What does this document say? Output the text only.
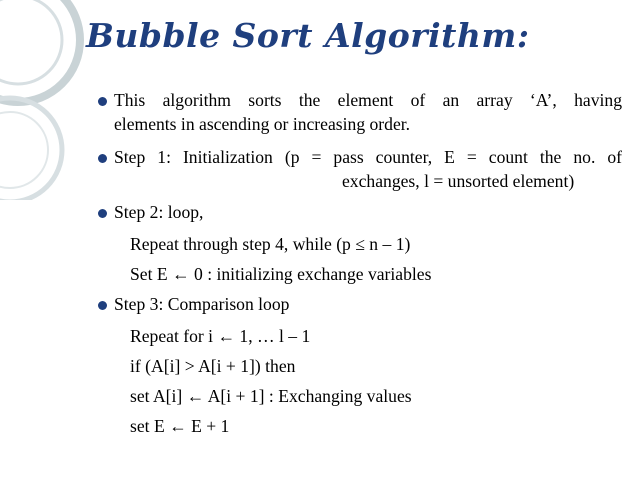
Bubble Sort Algorithm:
This algorithm sorts the element of an array ‘A’, having
elements in ascending or increasing order.
Step 1: Initialization (p = pass counter, E = count the no. of
exchanges, l = unsorted element)
Step 2: loop,
Repeat through step 4, while (p ≤ n – 1)
Set E ← 0 : initializing exchange variables
Step 3: Comparison loop
Repeat for i ← 1, … l – 1
if (A[i] > A[i + 1]) then
set A[i] ← A[i + 1] : Exchanging values
set E ← E + 1
